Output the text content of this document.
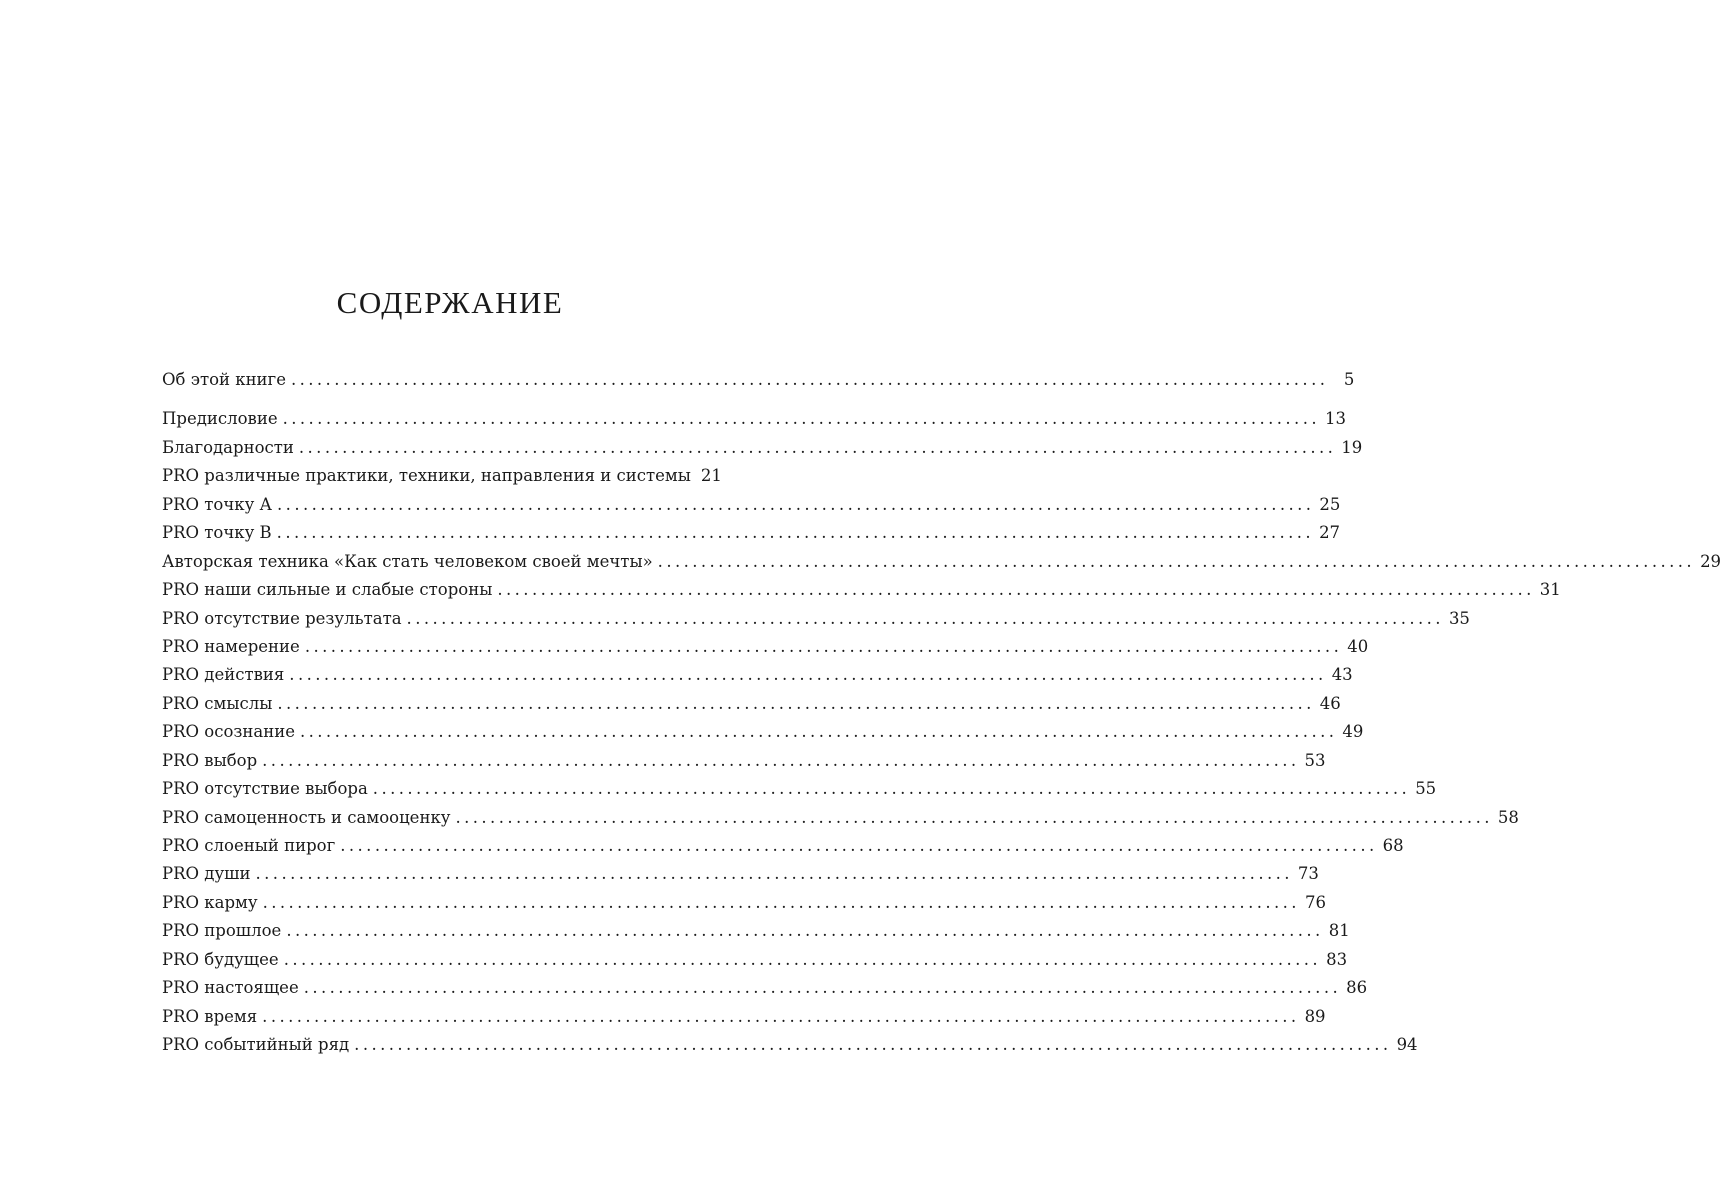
СОДЕРЖАНИЕ
Об этой книге ........................................................................................................................ 5
Предисловие ........................................................................................................................ 13
Благодарности ........................................................................................................................ 19
PRO различные практики, техники, направления и системы 21
PRO точку А ........................................................................................................................ 25
PRO точку В ........................................................................................................................ 27
Авторская техника «Как стать человеком своей мечты» ........................................................................................................................ 29
PRO наши сильные и слабые стороны ........................................................................................................................ 31
PRO отсутствие результата ........................................................................................................................ 35
PRO намерение ........................................................................................................................ 40
PRO действия ........................................................................................................................ 43
PRO смыслы ........................................................................................................................ 46
PRO осознание ........................................................................................................................ 49
PRO выбор ........................................................................................................................ 53
PRO отсутствие выбора ........................................................................................................................ 55
PRO самоценность и самооценку ........................................................................................................................ 58
PRO слоеный пирог ........................................................................................................................ 68
PRO души ........................................................................................................................ 73
PRO карму ........................................................................................................................ 76
PRO прошлое ........................................................................................................................ 81
PRO будущее ........................................................................................................................ 83
PRO настоящее ........................................................................................................................ 86
PRO время ........................................................................................................................ 89
PRO событийный ряд ........................................................................................................................ 94
